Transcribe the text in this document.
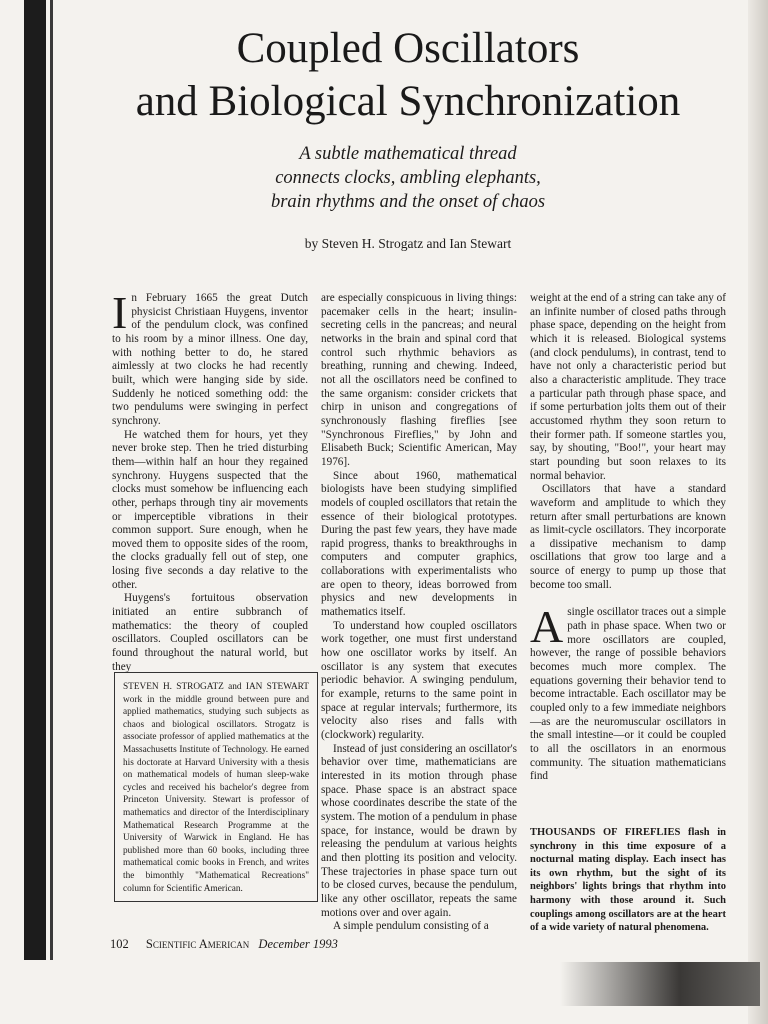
Coupled Oscillators
and Biological Synchronization
A subtle mathematical thread
connects clocks, ambling elephants,
brain rhythms and the onset of chaos
by Steven H. Strogatz and Ian Stewart

In February 1665 the great Dutch physicist Christiaan Huygens, inventor of the pendulum clock, was confined to his room by a minor illness. One day, with nothing better to do, he stared aimlessly at two clocks he had recently built, which were hanging side by side. Suddenly he noticed something odd: the two pendulums were swinging in perfect synchrony.

He watched them for hours, yet they never broke step. Then he tried disturbing them—within half an hour they regained synchrony. Huygens suspected that the clocks must somehow be influencing each other, perhaps through tiny air movements or imperceptible vibrations in their common support. Sure enough, when he moved them to opposite sides of the room, the clocks gradually fell out of step, one losing five seconds a day relative to the other.

Huygens's fortuitous observation initiated an entire subbranch of mathematics: the theory of coupled oscillators. Coupled oscillators can be found throughout the natural world, but they

STEVEN H. STROGATZ and IAN STEWART work in the middle ground between pure and applied mathematics, studying such subjects as chaos and biological oscillators. Strogatz is associate professor of applied mathematics at the Massachusetts Institute of Technology. He earned his doctorate at Harvard University with a thesis on mathematical models of human sleep-wake cycles and received his bachelor's degree from Princeton University. Stewart is professor of mathematics and director of the Interdisciplinary Mathematical Research Programme at the University of Warwick in England. He has published more than 60 books, including three mathematical comic books in French, and writes the bimonthly "Mathematical Recreations" column for Scientific American.

are especially conspicuous in living things: pacemaker cells in the heart; insulin-secreting cells in the pancreas; and neural networks in the brain and spinal cord that control such rhythmic behaviors as breathing, running and chewing. Indeed, not all the oscillators need be confined to the same organism: consider crickets that chirp in unison and congregations of synchronously flashing fireflies [see "Synchronous Fireflies," by John and Elisabeth Buck; Scientific American, May 1976].

Since about 1960, mathematical biologists have been studying simplified models of coupled oscillators that retain the essence of their biological prototypes. During the past few years, they have made rapid progress, thanks to breakthroughs in computers and computer graphics, collaborations with experimentalists who are open to theory, ideas borrowed from physics and new developments in mathematics itself.

To understand how coupled oscillators work together, one must first understand how one oscillator works by itself. An oscillator is any system that executes periodic behavior. A swinging pendulum, for example, returns to the same point in space at regular intervals; furthermore, its velocity also rises and falls with (clockwork) regularity.

Instead of just considering an oscillator's behavior over time, mathematicians are interested in its motion through phase space. Phase space is an abstract space whose coordinates describe the state of the system. The motion of a pendulum in phase space, for instance, would be drawn by releasing the pendulum at various heights and then plotting its position and velocity. These trajectories in phase space turn out to be closed curves, because the pendulum, like any other oscillator, repeats the same motions over and over again.

A simple pendulum consisting of a

weight at the end of a string can take any of an infinite number of closed paths through phase space, depending on the height from which it is released. Biological systems (and clock pendulums), in contrast, tend to have not only a characteristic period but also a characteristic amplitude. They trace a particular path through phase space, and if some perturbation jolts them out of their accustomed rhythm they soon return to their former path. If someone startles you, say, by shouting, "Boo!", your heart may start pounding but soon relaxes to its normal behavior.

Oscillators that have a standard waveform and amplitude to which they return after small perturbations are known as limit-cycle oscillators. They incorporate a dissipative mechanism to damp oscillations that grow too large and a source of energy to pump up those that become too small.

A single oscillator traces out a simple path in phase space. When two or more oscillators are coupled, however, the range of possible behaviors becomes much more complex. The equations governing their behavior tend to become intractable. Each oscillator may be coupled only to a few immediate neighbors—as are the neuromuscular oscillators in the small intestine—or it could be coupled to all the oscillators in an enormous community. The situation mathematicians find

THOUSANDS OF FIREFLIES flash in synchrony in this time exposure of a nocturnal mating display. Each insect has its own rhythm, but the sight of its neighbors' lights brings that rhythm into harmony with those around it. Such couplings among oscillators are at the heart of a wide variety of natural phenomena.
102 Scientific American December 1993
